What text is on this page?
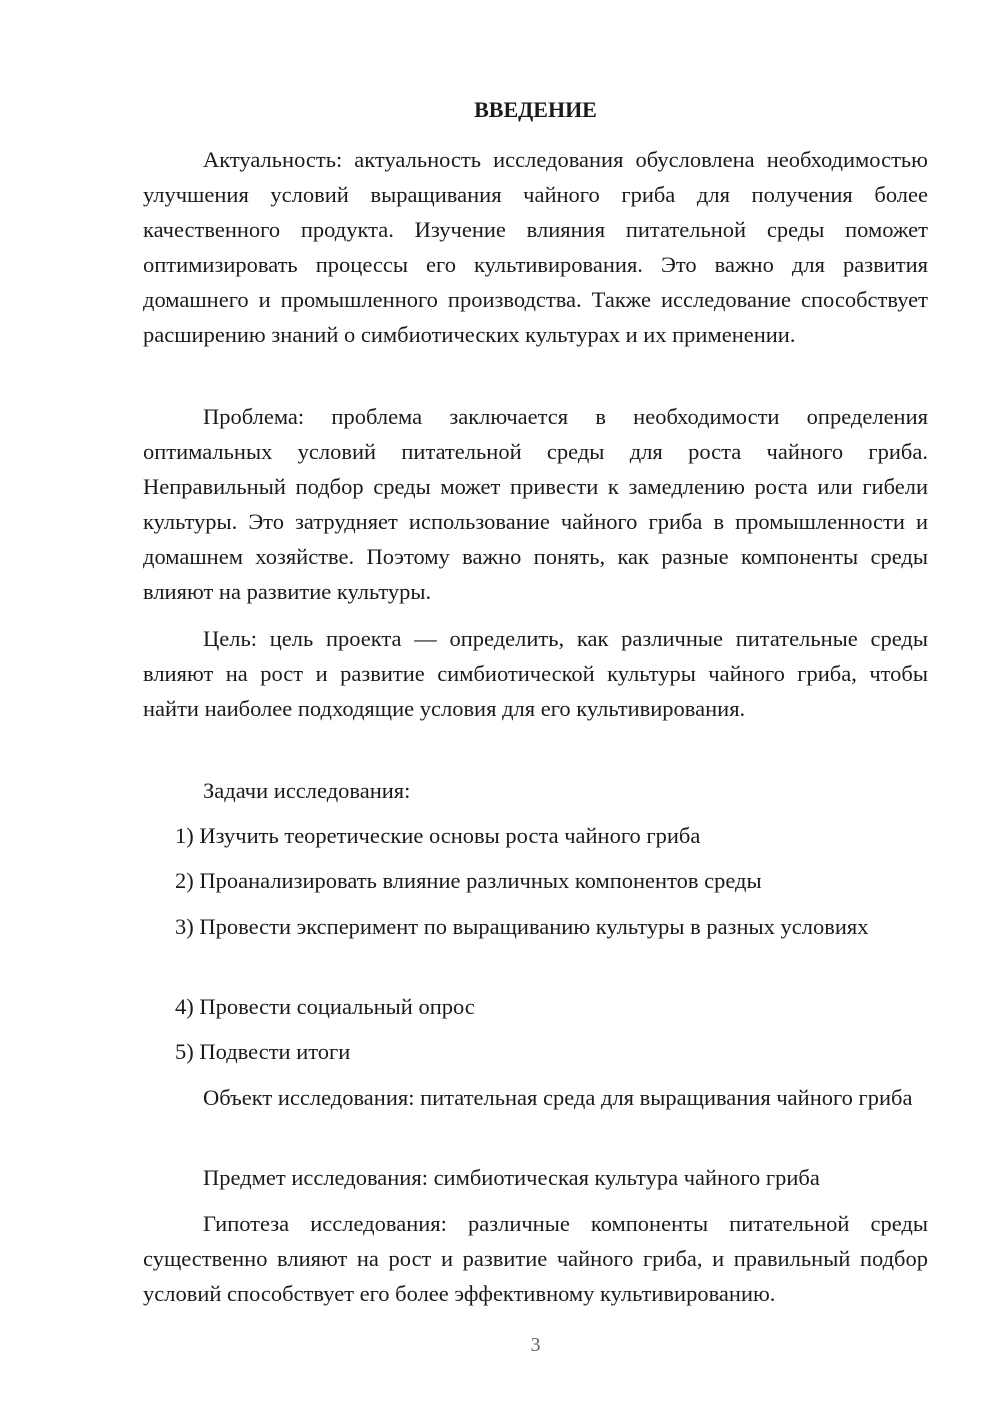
ВВЕДЕНИЕ

Актуальность: актуальность исследования обусловлена необходимостью улучшения условий выращивания чайного гриба для получения более качественного продукта. Изучение влияния питательной среды поможет оптимизировать процессы его культивирования. Это важно для развития домашнего и промышленного производства. Также исследование способствует расширению знаний о симбиотических культурах и их применении.

Проблема: проблема заключается в необходимости определения оптимальных условий питательной среды для роста чайного гриба. Неправильный подбор среды может привести к замедлению роста или гибели культуры. Это затрудняет использование чайного гриба в промышленности и домашнем хозяйстве. Поэтому важно понять, как разные компоненты среды влияют на развитие культуры.

Цель: цель проекта — определить, как различные питательные среды влияют на рост и развитие симбиотической культуры чайного гриба, чтобы найти наиболее подходящие условия для его культивирования.

Задачи исследования:

1) Изучить теоретические основы роста чайного гриба

2) Проанализировать влияние различных компонентов среды

3) Провести эксперимент по выращиванию культуры в разных условиях

4) Провести социальный опрос

5) Подвести итоги

Объект исследования: питательная среда для выращивания чайного гриба

Предмет исследования: симбиотическая культура чайного гриба

Гипотеза исследования: различные компоненты питательной среды существенно влияют на рост и развитие чайного гриба, и правильный подбор условий способствует его более эффективному культивированию.

3
